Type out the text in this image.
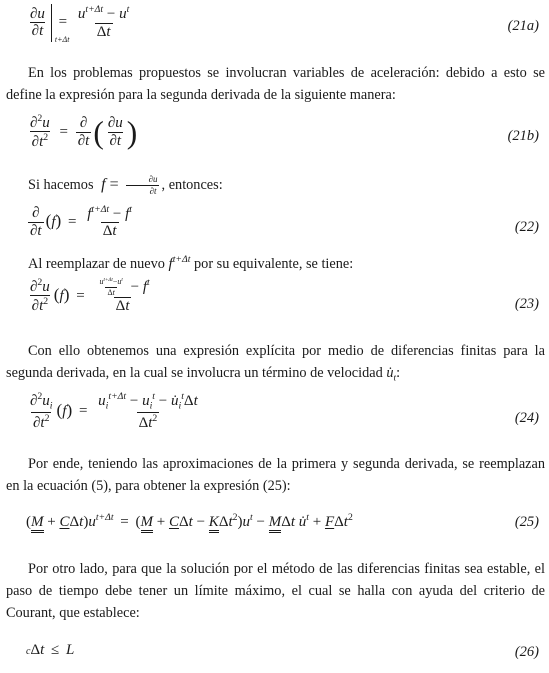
$\frac{\partial u}{\partial t} t+\Delta t$
= $\frac{u^{t+\Delta t} - u^t}{\Delta t}$	(21a)

En los problemas propuestos se involucran variables de aceleración: debido a esto se define la expresión para la segunda derivada de la siguiente manera:

$\frac{\partial^2u}{\partial t^2} = \frac{\partial}{\partial t}$ ( $\frac{\partial u}{\partial t}$ )	(21b)

Si hacemos  $f = \frac{\partial u}{\partial t}$ , entonces:

$\frac{\partial}{\partial t} (f) = \frac{f^{t+\Delta t} - f^t}{\Delta t}$	(22)

Al reemplazar de nuevo $f^{t+\Delta t}$ por su equivalente, se tiene:

$\frac{\partial^2u}{\partial t^2} (f) = \frac{\frac{u^{t+\Delta t}-u^t}{\Delta t} - f^t}{\Delta t}$	(23)

Con ello obtenemos una expresión explícita por medio de diferencias finitas para la segunda derivada, en la cual se involucra un término de velocidad $u̇_t$:

$\frac{\partial^2u_i}{\partial t^2} (f) = \frac{u_i^{t+\Delta t} - u_i^t - u̇_i^t\Delta t}{\Delta t^2}$	(24)

Por ende, teniendo las aproximaciones de la primera y segunda derivada, se reemplazan en la ecuación (5), para obtener la expresión (25):

$(M + C\Delta t)u^{t+\Delta t} = (M + C\Delta t - K\Delta t^2)u^t - M\Delta t$ u̇$^t$ + FΔt$^2$	(25)

Por otro lado, para que la solución por el método de las diferencias finitas sea estable, el paso de tiempo debe tener un límite máximo, el cual se halla con ayuda del criterio de Courant, que establece:

cΔt ≤ L	(26)
